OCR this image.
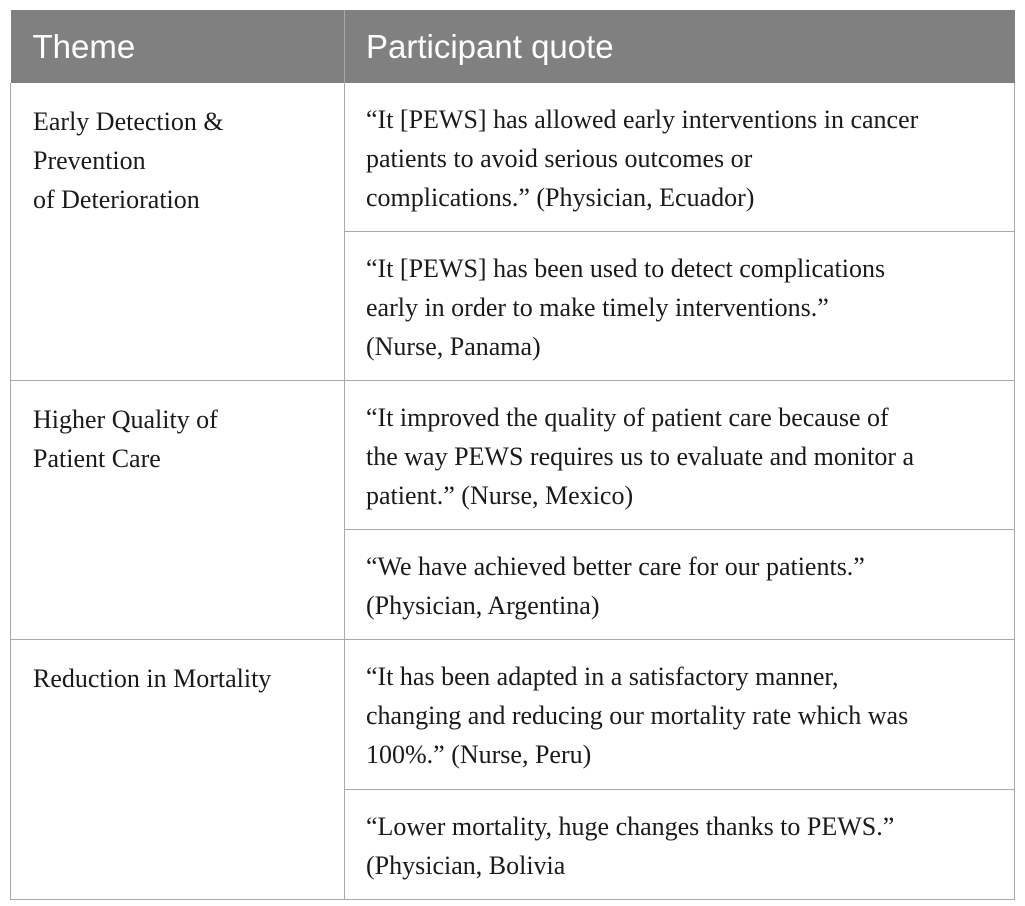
Theme	Participant quote

Early Detection &
Prevention
of Deterioration	“It [PEWS] has allowed early interventions in cancer
patients to avoid serious outcomes or
complications.” (Physician, Ecuador)

	“It [PEWS] has been used to detect complications
early in order to make timely interventions.”
(Nurse, Panama)

Higher Quality of
Patient Care	“It improved the quality of patient care because of
the way PEWS requires us to evaluate and monitor a
patient.” (Nurse, Mexico)

	“We have achieved better care for our patients.”
(Physician, Argentina)

Reduction in Mortality	“It has been adapted in a satisfactory manner,
changing and reducing our mortality rate which was
100%.” (Nurse, Peru)

	“Lower mortality, huge changes thanks to PEWS.”
(Physician, Bolivia
